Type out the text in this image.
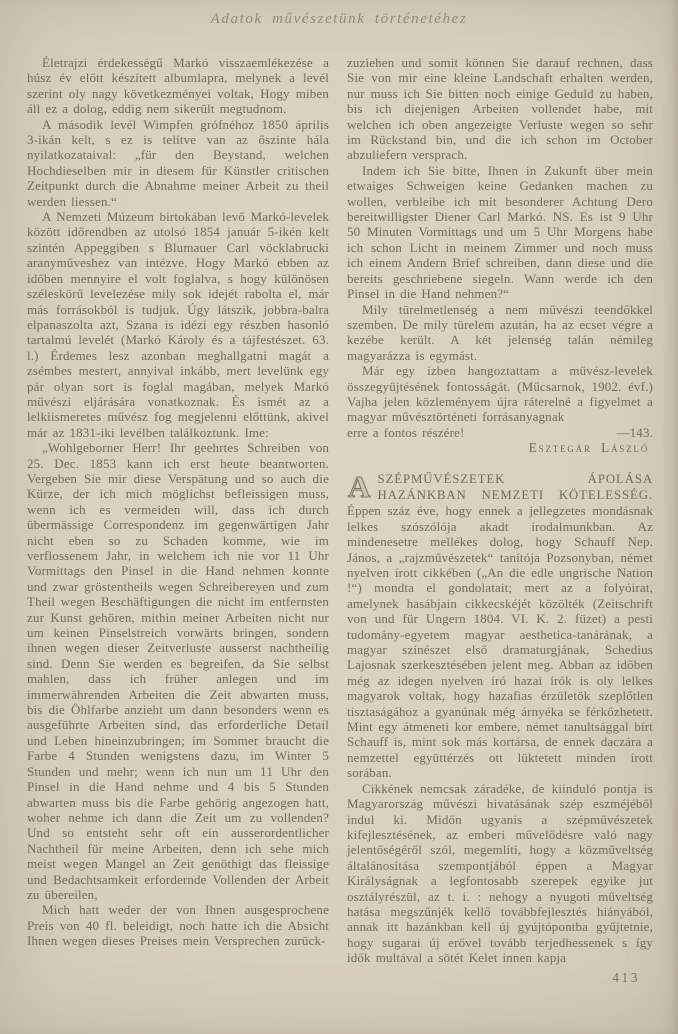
Adatok művészetünk történetéhez

Életrajzi érdekességű Markó visszaemlékezése a húsz év előtt készített albumlapra, melynek a levél szerint oly nagy következményei voltak, Hogy miben áll ez a dolog, eddig nem sikerült megtudnom.

A második levél Wimpfen grófnéhoz 1850 április 3-ikán kelt, s ez is telítve van az őszinte hála nyilatkozataival: „für den Beystand, welchen Hochdieselben mir in diesem für Künstler critischen Zeitpunkt durch die Abnahme meiner Arbeit zu theil werden liessen.“

A Nemzeti Múzeum birtokában levő Markó-levelek között időrendben az utolsó 1854 január 5-ikén kelt szintén Appeggiben s Blumauer Carl vöcklabrucki aranyműveshez van intézve. Hogy Markó ebben az időben mennyire el volt foglalva, s hogy különösen széleskörű levelezése mily sok idejét rabolta el, már más forrásokból is tudjuk. Úgy látszik, jobbra-balra elpanaszolta azt, Szana is idézi egy részben hasonló tartalmú levelét (Markó Károly és a tájfestészet. 63. l.) Érdemes lesz azonban meghallgatni magát a zsémbes mestert, annyival inkább, mert levelünk egy pár olyan sort is foglal magában, melyek Markó művészi eljárására vonatkoznak. És ismét az a lelkiismeretes művész fog megjelenni előttünk, akivel már az 1831-iki levélben találkoztunk. Ime:

„Wohlgeborner Herr! Ihr geehrtes Schreiben von 25. Dec. 1853 kann ich erst heute beantworten. Vergeben Sie mir diese Verspätung und so auch die Kürze, der ich mich möglichst befleissigen muss, wenn ich es vermeiden will, dass ich durch übermässige Correspondenz im gegenwärtigen Jahr nicht eben so zu Schaden komme, wie im verflossenem Jahr, in welchem ich nie vor 11 Uhr Vormittags den Pinsel in die Hand nehmen konnte und zwar gröstentheils wegen Schreibereyen und zum Theil wegen Beschäftigungen die nicht im entfernsten zur Kunst gehören, mithin meiner Arbeiten nicht nur um keinen Pinselstreich vorwärts bringen, sondern ihnen wegen dieser Zeitverluste ausserst nachtheilig sind. Denn Sie werden es begreifen, da Sie selbst mahlen, dass ich früher anlegen und im immerwährenden Arbeiten die Zeit abwarten muss, bis die Öhlfarbe anzieht um dann besonders wenn es ausgeführte Arbeiten sind, das erforderliche Detail und Leben hineinzubringen; im Sommer braucht die Farbe 4 Stunden wenigstens dazu, im Winter 5 Stunden und mehr; wenn ich nun um 11 Uhr den Pinsel in die Hand nehme und 4 bis 5 Stunden abwarten muss bis die Farbe gehörig angezogen hatt, woher nehme ich dann die Zeit um zu vollenden? Und so entsteht sehr oft ein ausserordentlicher Nachtheil für meine Arbeiten, denn ich sehe mich meist wegen Mangel an Zeit genöthigt das fleissige und Bedachtsamkeit erfordernde Vollenden der Arbeit zu übereilen,

Mich hatt weder der von Ihnen ausgesprochene Preis von 40 fl. beleidigt, noch hatte ich die Absicht Ihnen wegen dieses Preises mein Versprechen zurück-

zuziehen und somit können Sie darauf rechnen, dass Sie von mir eine kleine Landschaft erhalten werden, nur muss ich Sie bitten noch einige Geduld zu haben, bis ich diejenigen Arbeiten vollendet habe, mit welchen ich oben angezeigte Verluste wegen so sehr im Rückstand bin, und die ich schon im October abzuliefern versprach.

Indem ich Sie bitte, Ihnen in Zukunft über mein etwaiges Schweigen keine Gedanken machen zu wollen, verbleibe ich mit besonderer Achtung Dero bereitwilligster Diener Carl Markó. NS. Es ist 9 Uhr 50 Minuten Vormittags und um 5 Uhr Morgens habe ich schon Licht in meinem Zimmer und noch muss ich einem Andern Brief schreiben, dann diese und die bereits geschriebene siegeln. Wann werde ich den Pinsel in die Hand nehmen?“

Mily türelmetlenség a nem művészi teendőkkel szemben. De mily türelem azután, ha az ecset végre a kezébe került. A két jelenség talán némileg magyarázza is egymást.

Már egy ízben hangoztattam a művész-levelek összegyűjtésének fontosságát. (Műcsarnok, 1902. évf.) Vajha jelen közleményem újra ráterelné a figyelmet a magyar művésztörténeti forrásanyagnak

erre a fontos részére!	—143.
Esztegár László

A SZÉPMŰVÉSZETEK ÁPOLÁSA HAZÁNKBAN NEMZETI KÖTELESSÉG. Éppen száz éve, hogy ennek a jellegzetes mondásnak lelkes szószólója akadt irodalmunkban. Az mindenesetre mellékes dolog, hogy Schauff Nep. János, a „rajzművészetek“ tanítója Pozsonyban, német nyelven írott cikkében („An die edle ungrische Nation !“) mondta el gondolatait; mert az a folyóirat, amelynek hasábjain cikkecskéjét közölték (Zeitschrift von und für Ungern 1804. VI. K. 2. füzet) a pesti tudomány-egyetem magyar aesthetica-tanárának, a magyar színészet első dramaturgjának, Schedius Lajosnak szerkesztésében jelent meg. Abban az időben még az idegen nyelven író hazai írók is oly lelkes magyarok voltak, hogy hazafias érzületök szeplőtlen tisztaságához a gyanúnak még árnyéka se férkőzhetett. Mint egy átmeneti kor embere, német tanultsággal bírt Schauff is, mint sok más kortársa, de ennek daczára a nemzettel együttérzés ott lüktetett minden írott sorában.

Cikkének nemcsak záradéke, de kiinduló pontja is Magyarország művészi hivatásának szép eszméjéből indul ki. Midőn ugyanis a szépművészetek kifejlesztésének, az emberi művelődésre való nagy jelentőségéről szól, megemlíti, hogy a közműveltség általánosítása szempontjából éppen a Magyar Királyságnak a legfontosabb szerepek egyike jut osztályrészül, az t. i. : nehogy a nyugoti műveltség hatása megszűnjék kellő továbbfejlesztés hiányából, annak itt hazánkban kell új gyújtópontba gyűjtetnie, hogy sugarai új erővel tovább terjedhessenek s így idők multával a sötét Kelet innen kapja

413
